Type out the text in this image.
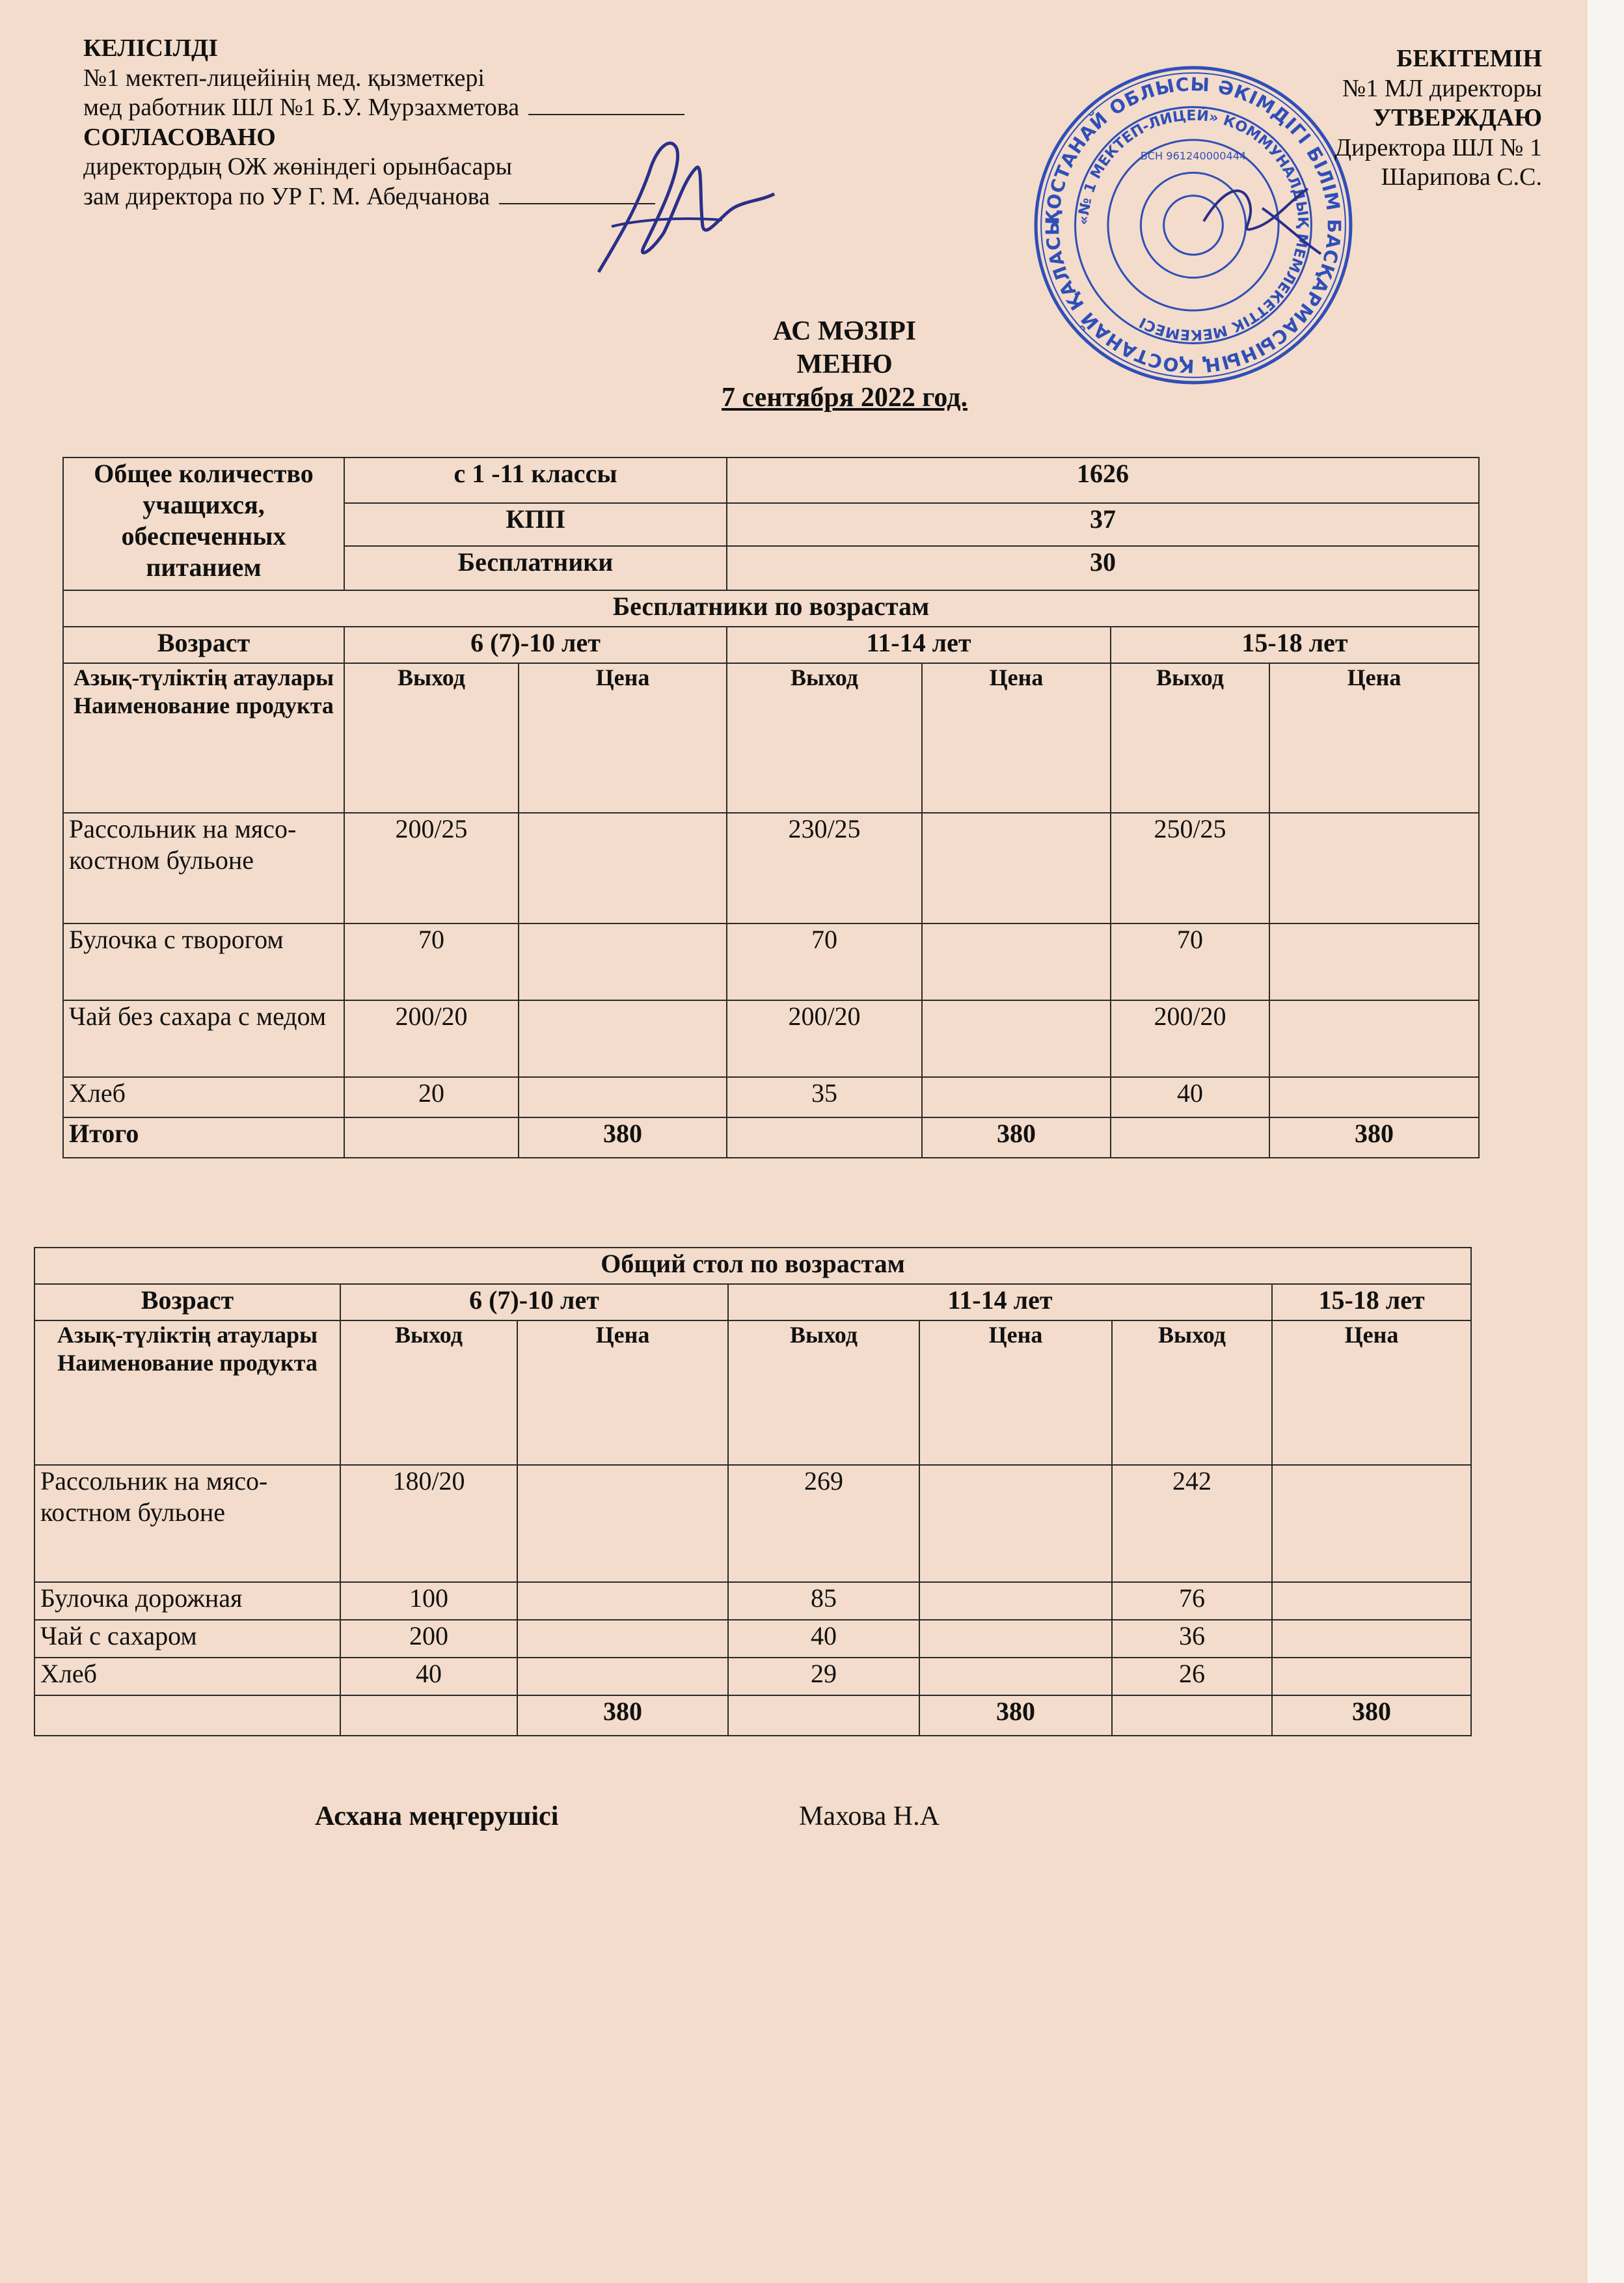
КЕЛІСІЛДІ
№1 мектеп-лицейінің мед. қызметкері
мед работник ШЛ №1 Б.У. Мурзахметова
СОГЛАСОВАНО
директордың ОЖ жөніндегі орынбасары
зам директора по УР Г. М. Абедчанова
ҚОСТАНАЙ ОБЛЫСЫ ӘКІМДІГІ БІЛІМ БАСҚАРМАСЫНЫҢ ҚОСТАНАЙ ҚАЛАСЫ «№ 1 МЕКТЕП-ЛИЦЕЙ» КОММУНАЛДЫҚ МЕМЛЕКЕТТІК МЕКЕМЕСІ
БСН 961240000444
БЕКІТЕМІН
№1 МЛ директоры
УТВЕРЖДАЮ
Директора ШЛ № 1
Шарипова С.С.
АС МӘЗІРІ
МЕНЮ
7 сентября 2022 год.
Общее количество учащихся, обеспеченных питанием	с 1 -11 классы		1626			
	КПП		37			
	Бесплатники		30			
Бесплатники по возрастам						
Возраст	6 (7)-10 лет		11-14 лет		15-18 лет	
Азық-түліктің атаулары Наименование продукта	Выход	Цена	Выход	Цена	Выход	Цена
Рассольник на мясо-костном бульоне	200/25		230/25		250/25	
Булочка с творогом	70		70		70	
Чай без сахара с медом	200/20		200/20		200/20	
Хлеб	20		35		40	
Итого		380		380		380
Общий стол по возрастам						
Возраст	6 (7)-10 лет		11-14 лет			15-18 лет
Азық-түліктің атаулары Наименование продукта	Выход	Цена	Выход	Цена	Выход	Цена
Рассольник на мясо-костном бульоне	180/20		269		242	
Булочка дорожная	100		85		76	
Чай с сахаром	200		40		36	
Хлеб	40		29		26	
		380		380		380
Асхана меңгерушісі	Махова Н.А
